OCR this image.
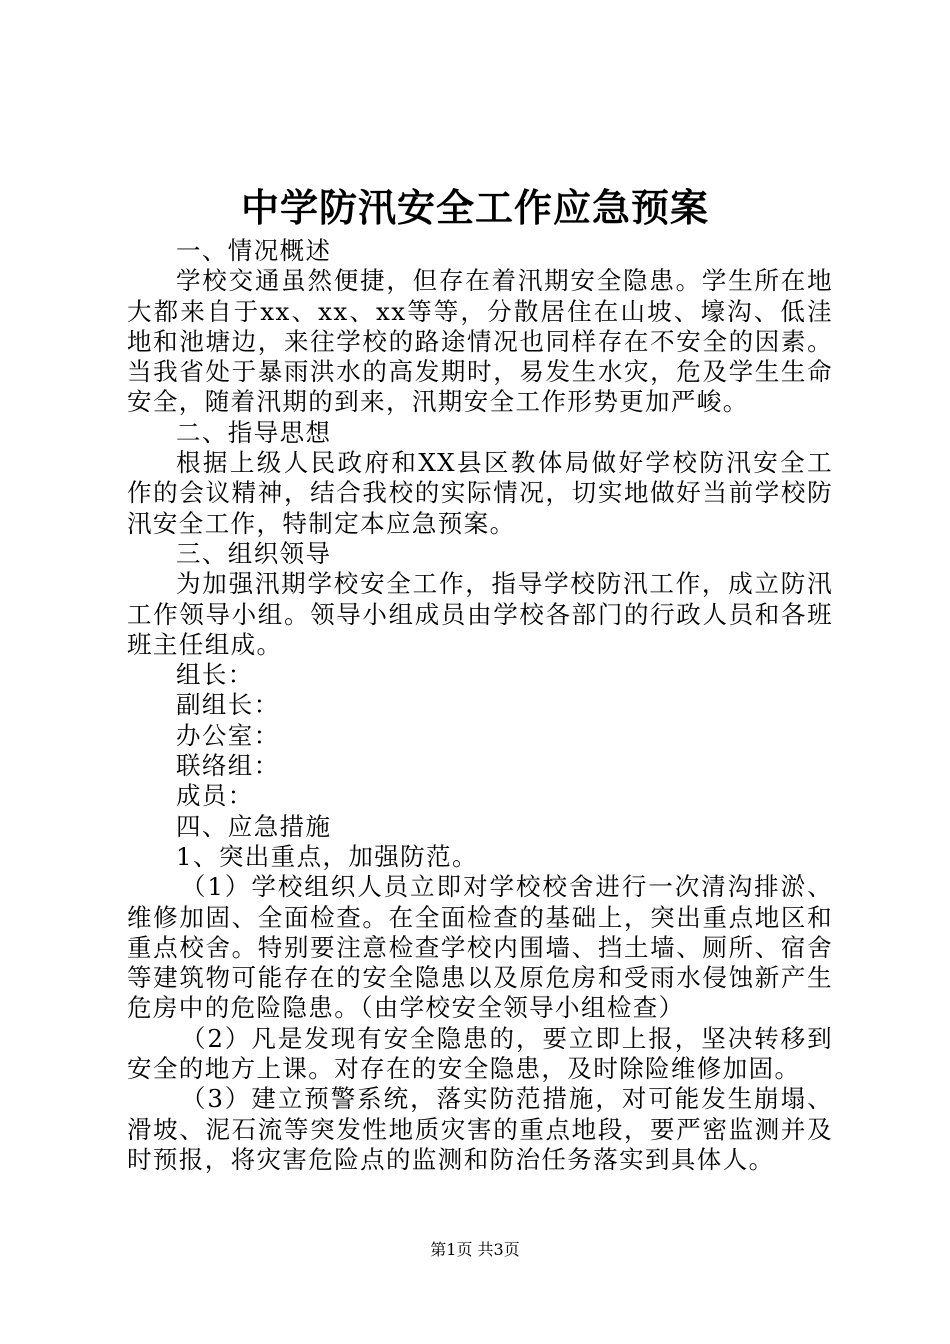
中学防汛安全工作应急预案

一、情况概述

学校交通虽然便捷，但存在着汛期安全隐患。学生所在地大都来自于xx、xx、xx等等，分散居住在山坡、壕沟、低洼地和池塘边，来往学校的路途情况也同样存在不安全的因素。当我省处于暴雨洪水的高发期时，易发生水灾，危及学生生命安全，随着汛期的到来，汛期安全工作形势更加严峻。

二、指导思想

根据上级人民政府和XX县区教体局做好学校防汛安全工作的会议精神，结合我校的实际情况，切实地做好当前学校防汛安全工作，特制定本应急预案。

三、组织领导

为加强汛期学校安全工作，指导学校防汛工作，成立防汛工作领导小组。领导小组成员由学校各部门的行政人员和各班班主任组成。

组长：

副组长：

办公室：

联络组：

成员：

四、应急措施

1、突出重点，加强防范。

（1）学校组织人员立即对学校校舍进行一次清沟排淤、维修加固、全面检查。在全面检查的基础上，突出重点地区和重点校舍。特别要注意检查学校内围墙、挡土墙、厕所、宿舍等建筑物可能存在的安全隐患以及原危房和受雨水侵蚀新产生危房中的危险隐患。（由学校安全领导小组检查）

（2）凡是发现有安全隐患的，要立即上报，坚决转移到安全的地方上课。对存在的安全隐患，及时除险维修加固。

（3）建立预警系统，落实防范措施，对可能发生崩塌、滑坡、泥石流等突发性地质灾害的重点地段，要严密监测并及时预报，将灾害危险点的监测和防治任务落实到具体人。

第1页 共3页
